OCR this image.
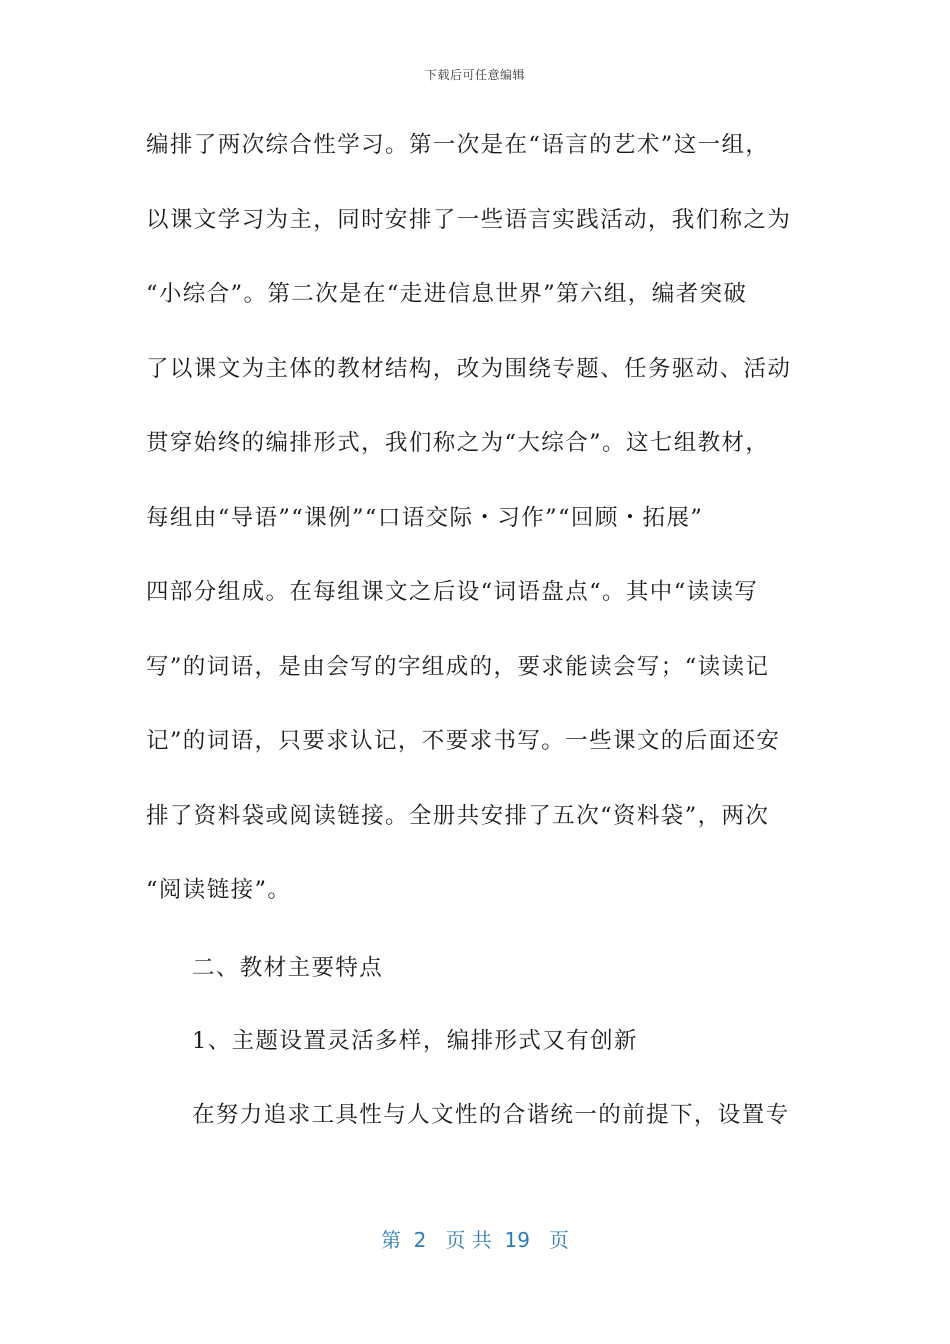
下载后可任意编辑
编排了两次综合性学习。第一次是在“语言的艺术”这一组，
以课文学习为主，同时安排了一些语言实践活动，我们称之为
“小综合”。第二次是在“走进信息世界”第六组，编者突破
了以课文为主体的教材结构，改为围绕专题、任务驱动、活动
贯穿始终的编排形式，我们称之为“大综合”。这七组教材，
每组由“导语”“课例”“口语交际・习作”“回顾・拓展”
四部分组成。在每组课文之后设“词语盘点“。其中“读读写
写”的词语，是由会写的字组成的，要求能读会写；“读读记
记”的词语，只要求认记，不要求书写。一些课文的后面还安
排了资料袋或阅读链接。全册共安排了五次“资料袋”，两次
“阅读链接”。
二、教材主要特点
1、主题设置灵活多样，编排形式又有创新
在努力追求工具性与人文性的合谐统一的前提下，设置专
第  2   页 共  19   页
